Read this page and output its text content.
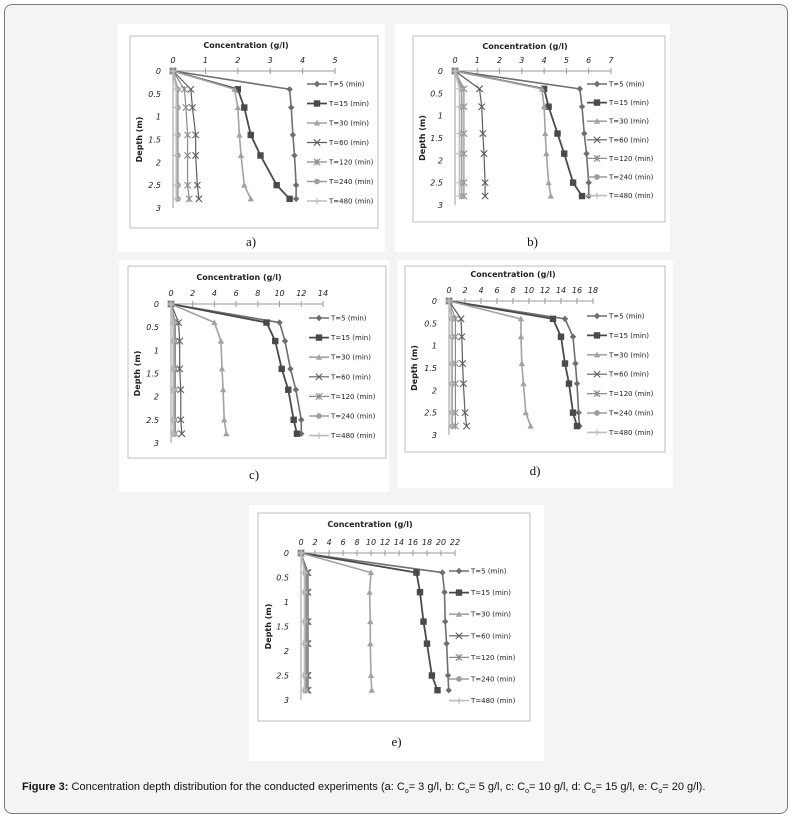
0	1	2	3	4	5
0
0.5
1
1.5
2
2.5
3
Concentration (g/l)
Depth (m)
T=5 (min)
T=15 (min)
T=30 (min)
T=60 (min)
T=120 (min)
T=240 (min)
T=480 (min)
a)
0 1 2 3 4 5 6 7
0
0.5
1
1.5
2
2.5
3
Concentration (g/l)
Depth (m)
T=5 (min)
T=15 (min)
T=30 (min)
T=60 (min)
T=120 (min)
T=240 (min)
T=480 (min)
b)
0 2 4 6 8 10 12 14
0
0.5
1
1.5
2
2.5
3
Concentration (g/l)
Depth (m)
T=5 (min)
T=15 (min)
T=30 (min)
T=60 (min)
T=120 (min)
T=240 (min)
T=480 (min)
c)
0 2 4 6 8 10 12 14 16 18
0
0.5
1
1.5
2
2.5
3
Concentration (g/l)
Depth (m)
T=5 (min)
T=15 (min)
T=30 (min)
T=60 (min)
T=120 (min)
T=240 (min)
T=480 (min)
d)
0 2 4 6 8 10 12 14 16 18 20 22
0
0.5
1
1.5
2
2.5
3
Concentration (g/l)
Depth (m)
T=5 (min)
T=15 (min)
T=30 (min)
T=60 (min)
T=120 (min)
T=240 (min)
T=480 (min)
e)
Figure 3: Concentration depth distribution for the conducted experiments (a: $C_o= 3$ g/l, b: $C_o= 5$ g/l, c: $C_o= 10$ g/l, d: $C_o= 15$ g/l, e: $C_o= 20$ g/l).
